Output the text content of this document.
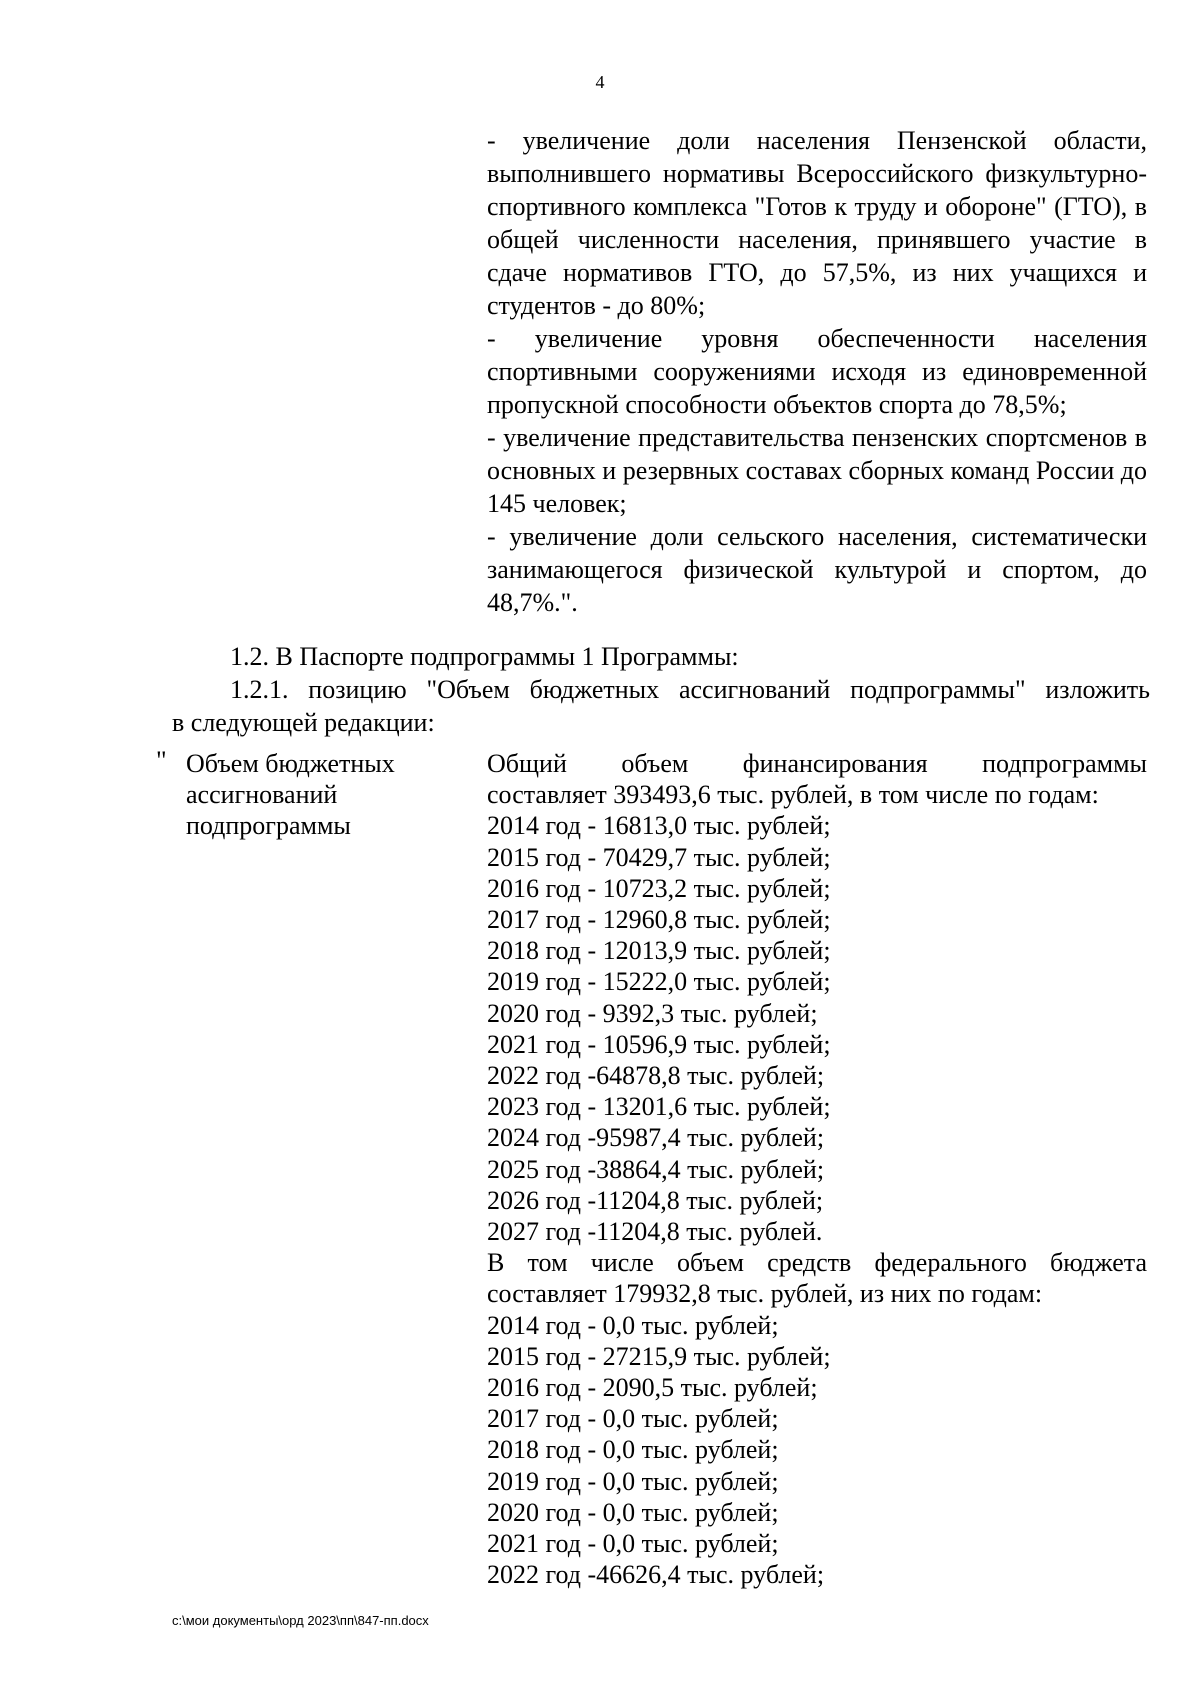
4

- увеличение доли населения Пензенской области, выполнившего нормативы Всероссийского физкультурно-спортивного комплекса "Готов к труду и обороне" (ГТО), в общей численности населения, принявшего участие в сдаче нормативов ГТО, до 57,5%, из них учащихся и студентов - до 80%;

- увеличение уровня обеспеченности населения спортивными сооружениями исходя из единовременной пропускной способности объектов спорта до 78,5%;

- увеличение представительства пензенских спортсменов в основных и резервных составах сборных команд России до 145 человек;

- увеличение доли сельского населения, систематически занимающегося физической культурой и спортом, до 48,7%.".

1.2. В Паспорте подпрограммы 1 Программы:
1.2.1. позицию "Объем бюджетных ассигнований подпрограммы" изложить
в следующей редакции:
" Объем бюджетных ассигнований подпрограммы
Общий объем финансирования подпрограммы
составляет 393493,6 тыс. рублей, в том числе по годам:
2014 год - 16813,0 тыс. рублей;
2015 год - 70429,7 тыс. рублей;
2016 год - 10723,2 тыс. рублей;
2017 год - 12960,8 тыс. рублей;
2018 год - 12013,9 тыс. рублей;
2019 год - 15222,0 тыс. рублей;
2020 год - 9392,3 тыс. рублей;
2021 год - 10596,9 тыс. рублей;
2022 год -64878,8 тыс. рублей;
2023 год - 13201,6 тыс. рублей;
2024 год -95987,4 тыс. рублей;
2025 год -38864,4 тыс. рублей;
2026 год -11204,8 тыс. рублей;
2027 год -11204,8 тыс. рублей.
В том числе объем средств федерального бюджета
составляет 179932,8 тыс. рублей, из них по годам:
2014 год - 0,0 тыс. рублей;
2015 год - 27215,9 тыс. рублей;
2016 год - 2090,5 тыс. рублей;
2017 год - 0,0 тыс. рублей;
2018 год - 0,0 тыс. рублей;
2019 год - 0,0 тыс. рублей;
2020 год - 0,0 тыс. рублей;
2021 год - 0,0 тыс. рублей;
2022 год -46626,4 тыс. рублей;
c:\мои документы\орд 2023\пп\847-пп.docx
